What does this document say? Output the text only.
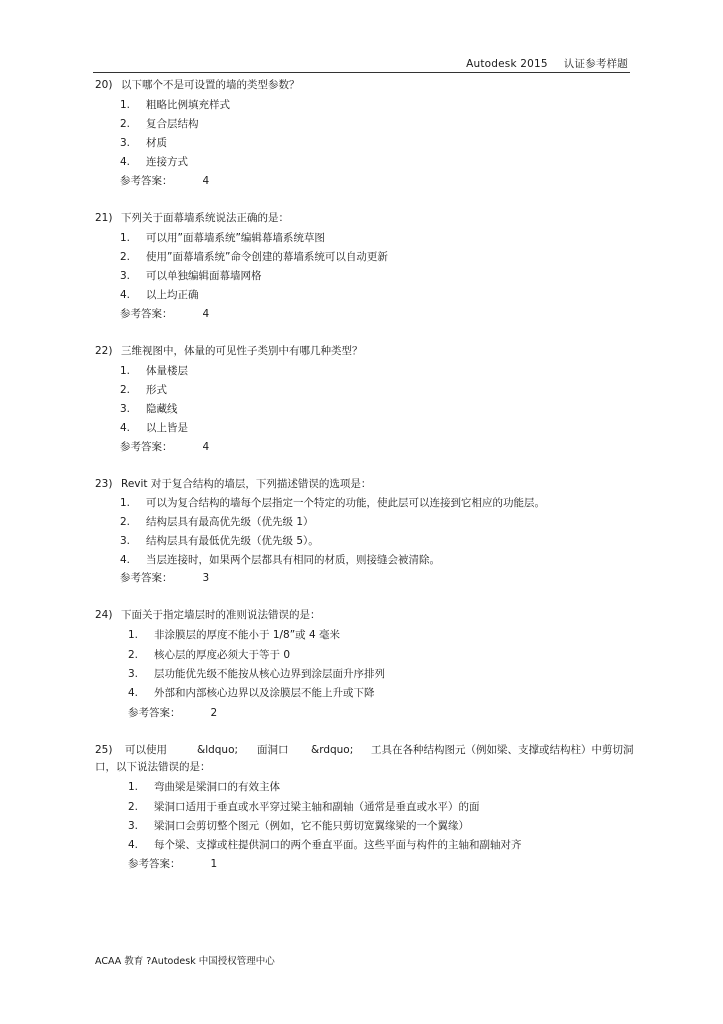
Autodesk 2015 认证参考样题
20) 以下哪个不是可设置的墙的类型参数？
1. 粗略比例填充样式
2. 复合层结构
3. 材质
4. 连接方式
参考答案：	4
21) 下列关于面幕墙系统说法正确的是：
1. 可以用”面幕墙系统”编辑幕墙系统草图
2. 使用”面幕墙系统”命令创建的幕墙系统可以自动更新
3. 可以单独编辑面幕墙网格
4. 以上均正确
参考答案：	4
22) 三维视图中，体量的可见性子类别中有哪几种类型？
1. 体量楼层
2. 形式
3. 隐藏线
4. 以上皆是
参考答案：	4
23) Revit 对于复合结构的墙层，下列描述错误的选项是：
1. 可以为复合结构的墙每个层指定一个特定的功能，使此层可以连接到它相应的功能层。
2. 结构层具有最高优先级（优先级 1）
3. 结构层具有最低优先级（优先级 5）。
4. 当层连接时，如果两个层都具有相同的材质，则接缝会被清除。
参考答案：	3
24) 下面关于指定墙层时的准则说法错误的是：
1. 非涂膜层的厚度不能小于 1/8”或 4 毫米
2. 核心层的厚度必须大于等于 0
3. 层功能优先级不能按从核心边界到涂层面升序排列
4. 外部和内部核心边界以及涂膜层不能上升或下降
参考答案：	2
25) 可以使用	&ldquo; 面洞口 &rdquo; 工具在各种结构图元（例如梁、支撑或结构柱）中剪切洞
口，以下说法错误的是：
1. 弯曲梁是梁洞口的有效主体
2. 梁洞口适用于垂直或水平穿过梁主轴和副轴（通常是垂直或水平）的面
3. 梁洞口会剪切整个图元（例如，它不能只剪切宽翼缘梁的一个翼缘）
4. 每个梁、支撑或柱提供洞口的两个垂直平面。这些平面与构件的主轴和副轴对齐
参考答案：	1
ACAA 教育 ?Autodesk 中国授权管理中心
